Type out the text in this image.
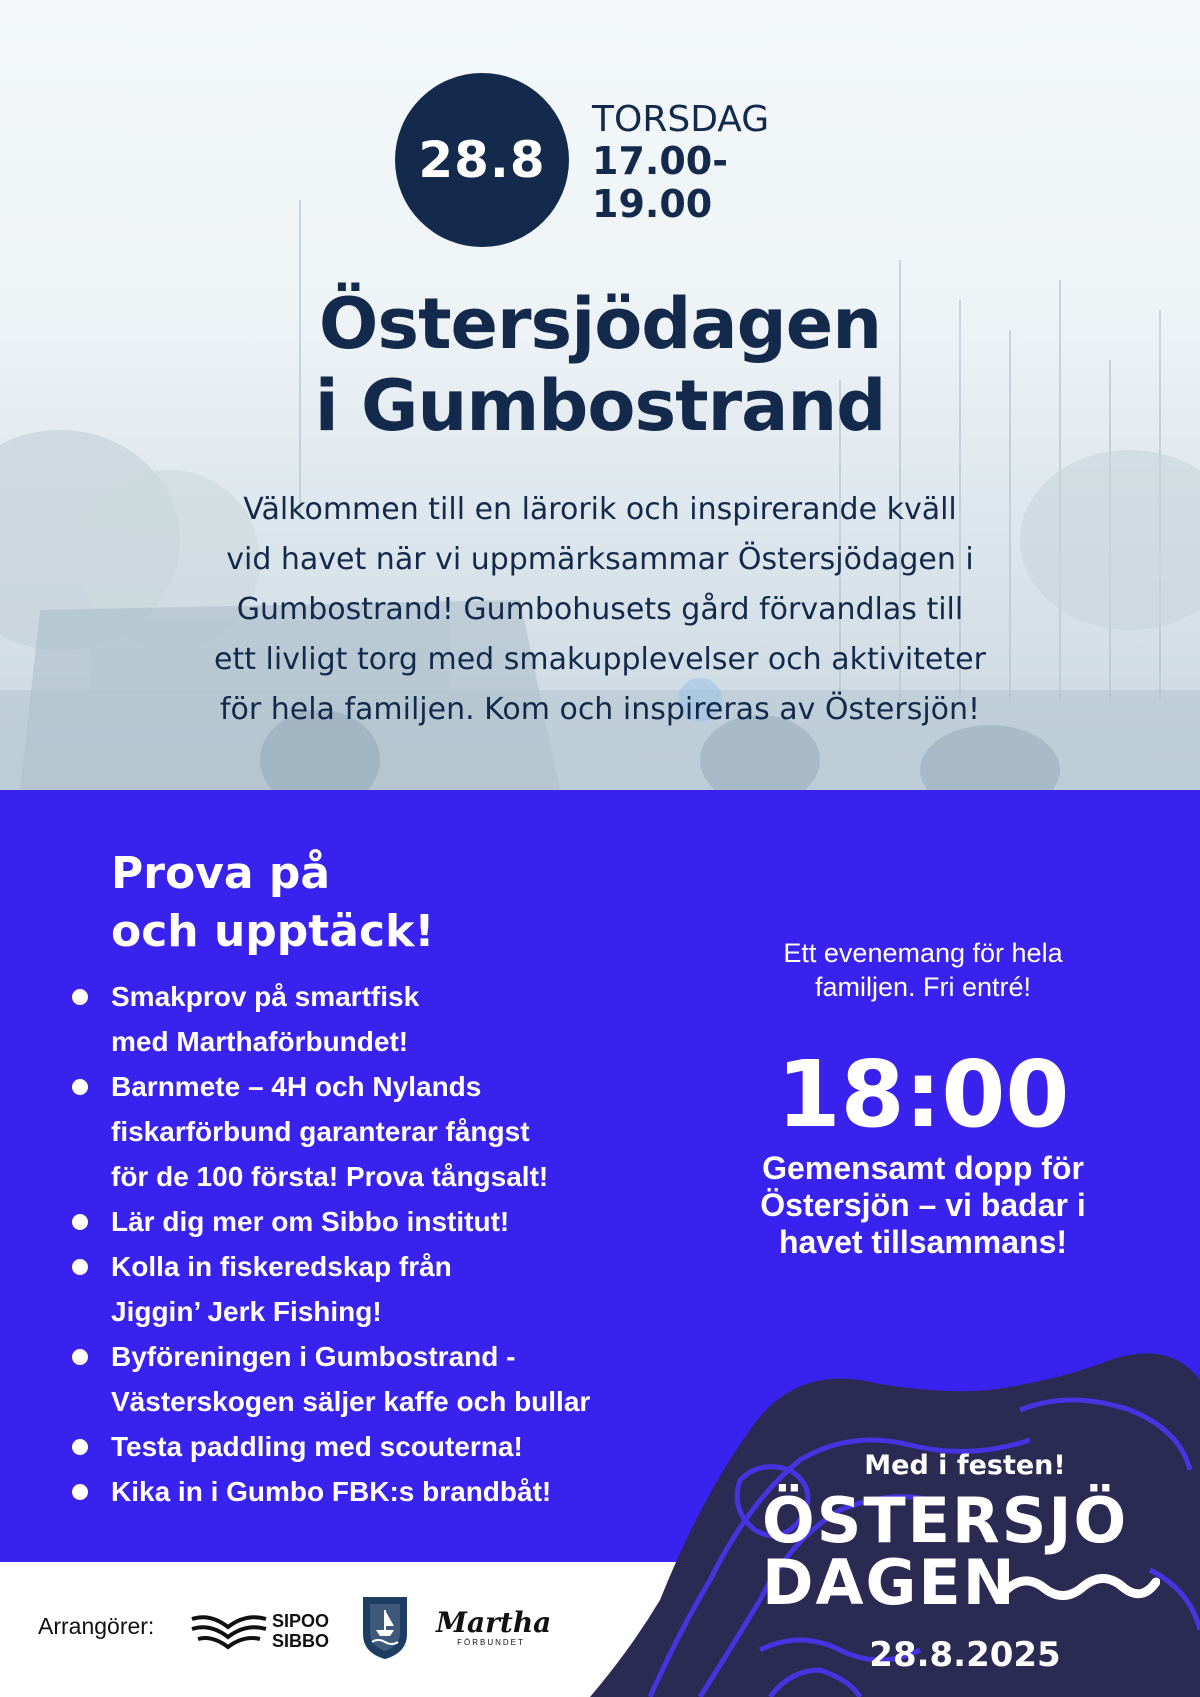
28.8
TORSDAG
17.00-
19.00
Östersjödagen
i Gumbostrand
Välkommen till en lärorik och inspirerande kväll
vid havet när vi uppmärksammar Östersjödagen i
Gumbostrand! Gumbohusets gård förvandlas till
ett livligt torg med smakupplevelser och aktiviteter
för hela familjen. Kom och inspireras av Östersjön!
Prova på
och upptäck!
Smakprov på smartfisk
med Marthaförbundet!
Barnmete – 4H och Nylands
fiskarförbund garanterar fångst
för de 100 första! Prova tångsalt!
Lär dig mer om Sibbo institut!
Kolla in fiskeredskap från
Jiggin’ Jerk Fishing!
Byföreningen i Gumbostrand -
Västerskogen säljer kaffe och bullar
Testa paddling med scouterna!
Kika in i Gumbo FBK:s brandbåt!
Ett evenemang för hela
familjen. Fri entré!
18:00
Gemensamt dopp för
Östersjön – vi badar i
havet tillsammans!
Arrangörer:	SIPOO
SIBBO
Martha
FÖRBUNDET
Med i festen!
ÖSTERSJÖ
DAGEN
28.8.2025
